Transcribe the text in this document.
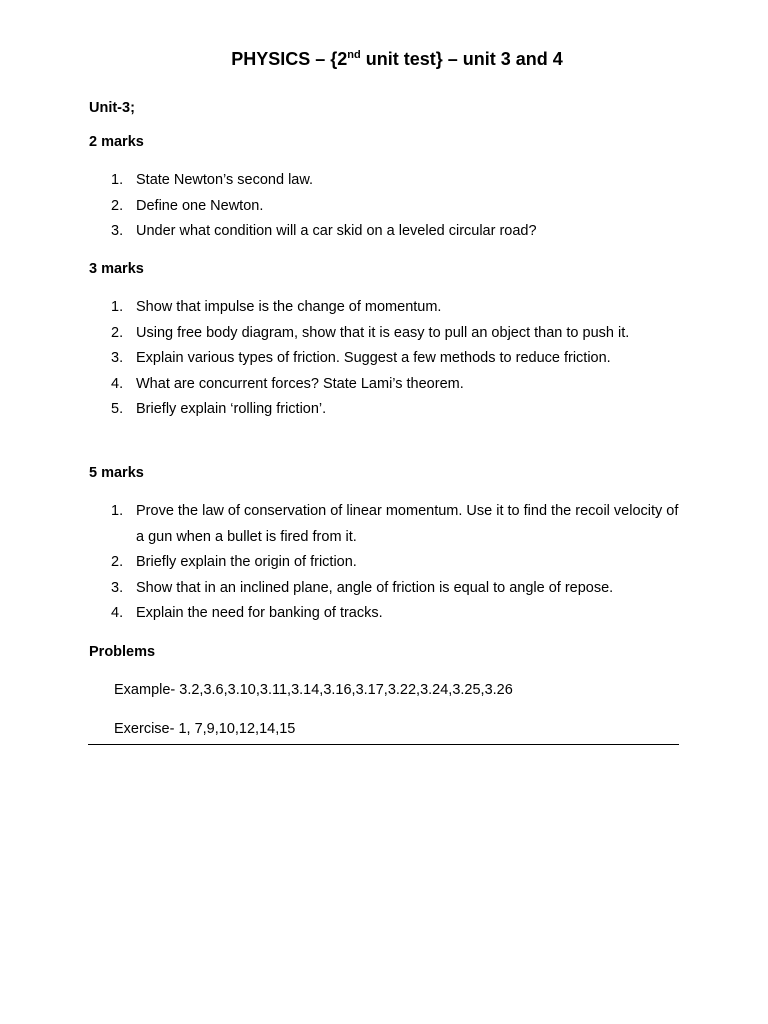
PHYSICS – {2nd unit test} – unit 3 and 4
Unit-3;
2 marks
1. State Newton’s second law.
2. Define one Newton.
3. Under what condition will a car skid on a leveled circular road?
3 marks
1. Show that impulse is the change of momentum.
2. Using free body diagram, show that it is easy to pull an object than to push it.
3. Explain various types of friction. Suggest a few methods to reduce friction.
4. What are concurrent forces? State Lami’s theorem.
5. Briefly explain ‘rolling friction’.
5 marks
1. Prove the law of conservation of linear momentum. Use it to find the recoil velocity of a gun when a bullet is fired from it.
2. Briefly explain the origin of friction.
3. Show that in an inclined plane, angle of friction is equal to angle of repose.
4. Explain the need for banking of tracks.
Problems
Example- 3.2,3.6,3.10,3.11,3.14,3.16,3.17,3.22,3.24,3.25,3.26
Exercise- 1, 7,9,10,12,14,15
